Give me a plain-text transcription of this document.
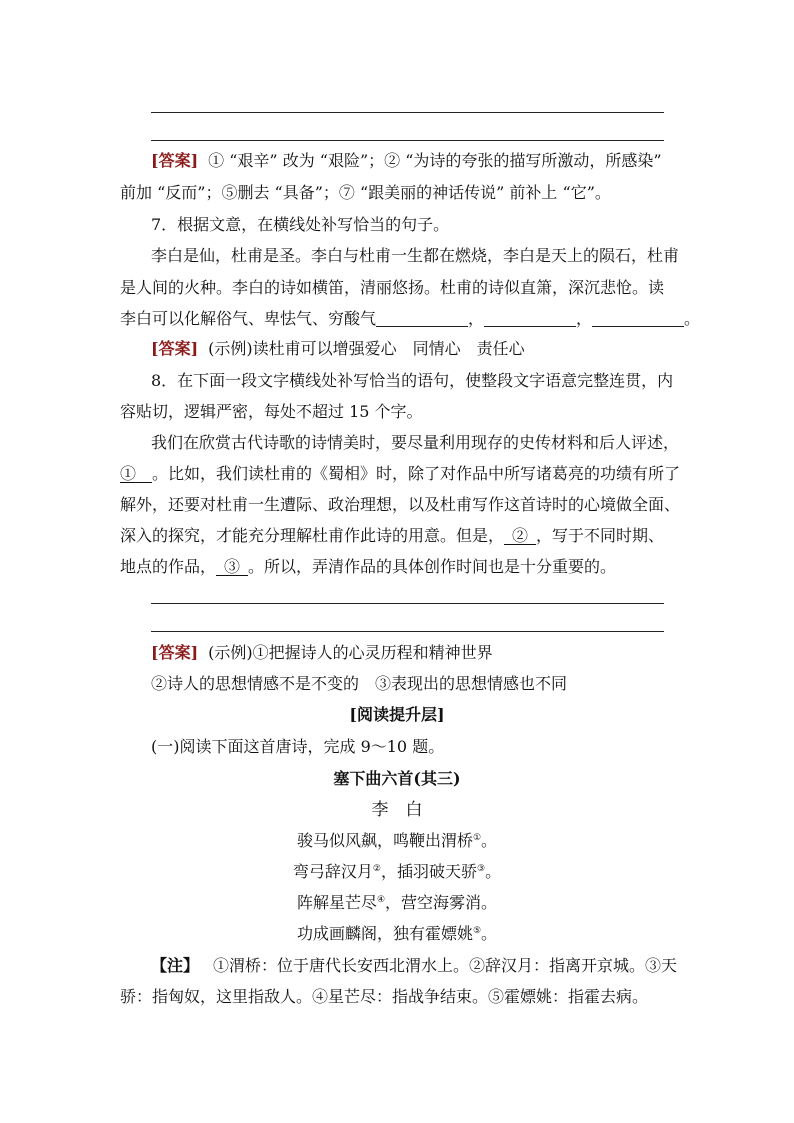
[答案] ① “艰辛” 改为 “艰险”；② “为诗的夸张的描写所激动，所感染”
前加 “反而”；⑤删去 “具备”；⑦ “跟美丽的神话传说” 前补上 “它”。
7．根据文意，在横线处补写恰当的句子。
李白是仙，杜甫是圣。李白与杜甫一生都在燃烧，李白是天上的陨石，杜甫
是人间的火种。李白的诗如横笛，清丽悠扬。杜甫的诗似直箫，深沉悲怆。读
李白可以化解俗气、卑怯气、穷酸气	，	，	。
[答案] (示例)读杜甫可以增强爱心　同情心　责任心
8．在下面一段文字横线处补写恰当的语句，使整段文字语意完整连贯，内
容贴切，逻辑严密，每处不超过 15 个字。
我们在欣赏古代诗歌的诗情美时，要尽量利用现存的史传材料和后人评述，
①  。比如，我们读杜甫的《蜀相》时，除了对作品中所写诸葛亮的功绩有所了
解外，还要对杜甫一生遭际、政治理想，以及杜甫写作这首诗时的心境做全面、
深入的探究，才能充分理解杜甫作此诗的用意。但是，  ②  ，写于不同时期、
地点的作品，  ③  。所以，弄清作品的具体创作时间也是十分重要的。
[答案] (示例)①把握诗人的心灵历程和精神世界
②诗人的思想情感不是不变的　③表现出的思想情感也不同
[阅读提升层]
(一)阅读下面这首唐诗，完成 9～10 题。
塞下曲六首(其三)
李　白
骏马似风飙，鸣鞭出渭桥①。
弯弓辞汉月②，插羽破天骄③。
阵解星芒尽④，营空海雾消。
功成画麟阁，独有霍嫖姚⑤。
【注】 ①渭桥：位于唐代长安西北渭水上。②辞汉月：指离开京城。③天
骄：指匈奴，这里指敌人。④星芒尽：指战争结束。⑤霍嫖姚：指霍去病。
